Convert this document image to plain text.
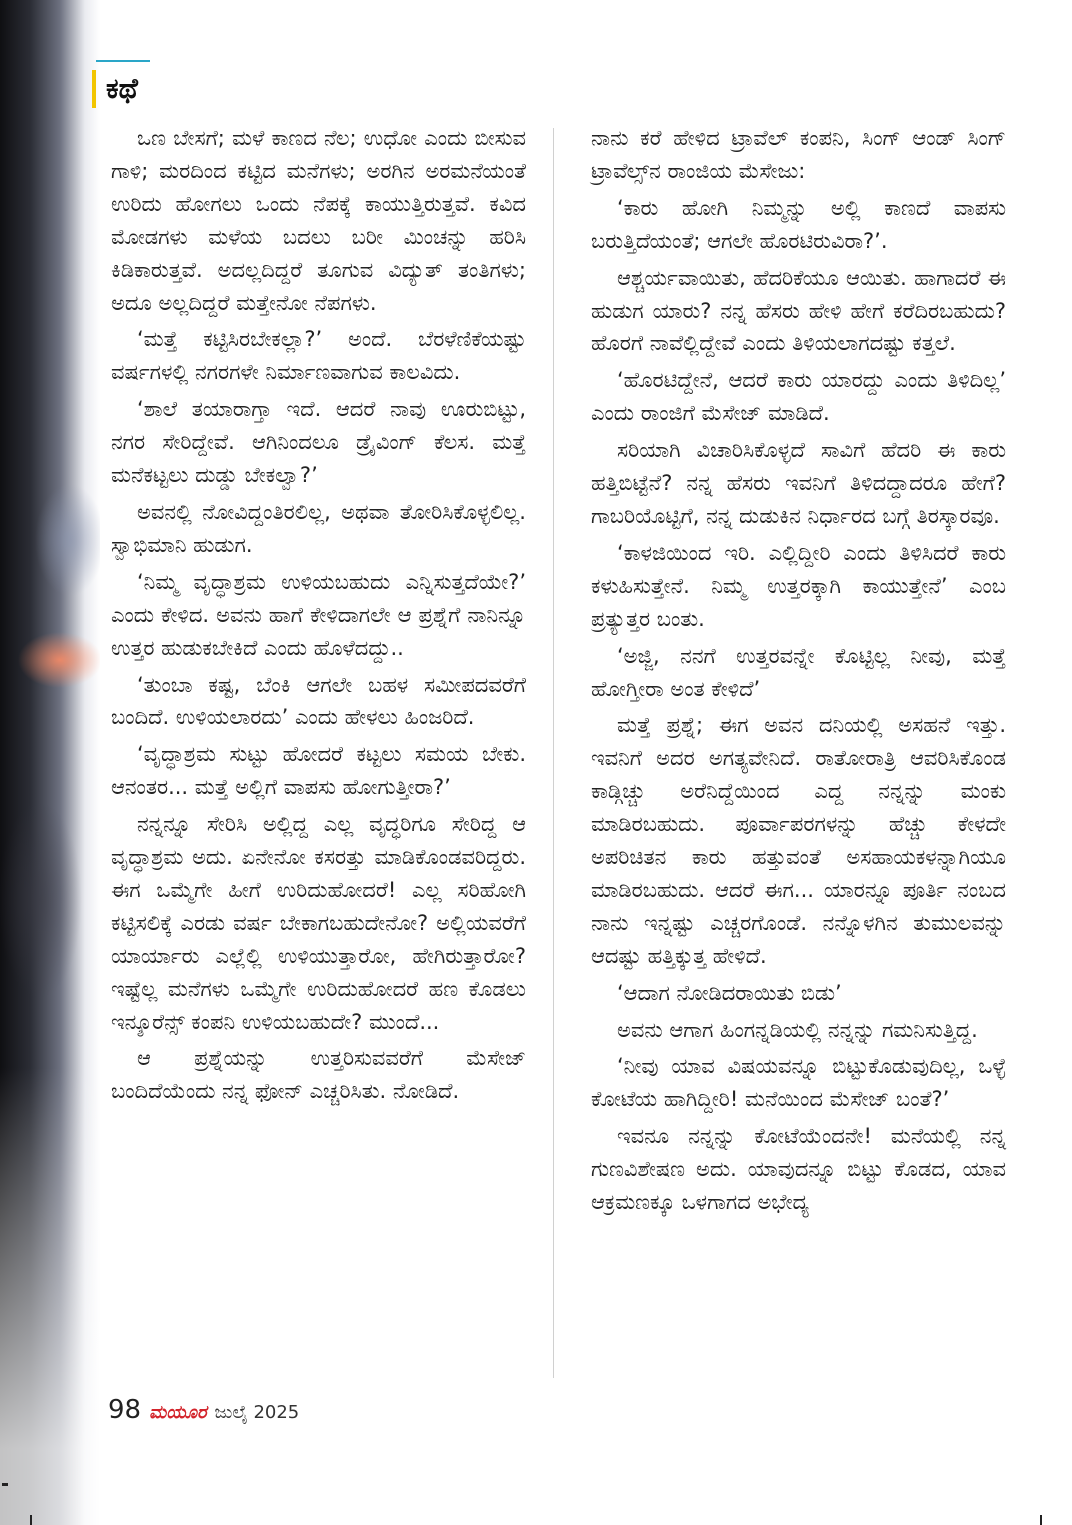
ಕಥೆ

ಒಣ ಬೇಸಗೆ; ಮಳೆ ಕಾಣದ ನೆಲ; ಉಧೋ ಎಂದು ಬೀಸುವ ಗಾಳಿ; ಮರದಿಂದ ಕಟ್ಟಿದ ಮನೆಗಳು; ಅರಗಿನ ಅರಮನೆಯಂತೆ ಉರಿದು ಹೋಗಲು ಒಂದು ನೆಪಕ್ಕೆ ಕಾಯುತ್ತಿರುತ್ತವೆ. ಕವಿದ ಮೋಡಗಳು ಮಳೆಯ ಬದಲು ಬರೀ ಮಿಂಚನ್ನು ಹರಿಸಿ ಕಿಡಿಕಾರುತ್ತವೆ. ಅದಲ್ಲದಿದ್ದರೆ ತೂಗುವ ವಿದ್ಯುತ್ ತಂತಿಗಳು; ಅದೂ ಅಲ್ಲದಿದ್ದರೆ ಮತ್ತೇನೋ ನೆಪಗಳು.

‘ಮತ್ತೆ ಕಟ್ಟಿಸಿರಬೇಕಲ್ಲಾ?’ ಅಂದೆ. ಬೆರಳೆಣಿಕೆಯಷ್ಟು ವರ್ಷಗಳಲ್ಲಿ ನಗರಗಳೇ ನಿರ್ಮಾಣವಾಗುವ ಕಾಲವಿದು.

‘ಶಾಲೆ ತಯಾರಾಗ್ತಾ ಇದೆ. ಆದರೆ ನಾವು ಊರುಬಿಟ್ಟು, ನಗರ ಸೇರಿದ್ದೇವೆ. ಆಗಿನಿಂದಲೂ ಡ್ರೈವಿಂಗ್ ಕೆಲಸ. ಮತ್ತೆ ಮನೆಕಟ್ಟಲು ದುಡ್ಡು ಬೇಕಲ್ವಾ?’

ಅವನಲ್ಲಿ ನೋವಿದ್ದಂತಿರಲಿಲ್ಲ, ಅಥವಾ ತೋರಿಸಿಕೊಳ್ಳಲಿಲ್ಲ. ಸ್ವಾಭಿಮಾನಿ ಹುಡುಗ.

‘ನಿಮ್ಮ ವೃದ್ಧಾಶ್ರಮ ಉಳಿಯಬಹುದು ಎನ್ನಿಸುತ್ತದೆಯೇ?’ ಎಂದು ಕೇಳಿದ. ಅವನು ಹಾಗೆ ಕೇಳಿದಾಗಲೇ ಆ ಪ್ರಶ್ನೆಗೆ ನಾನಿನ್ನೂ ಉತ್ತರ ಹುಡುಕಬೇಕಿದೆ ಎಂದು ಹೊಳೆದದ್ದು..

‘ತುಂಬಾ ಕಷ್ಟ, ಬೆಂಕಿ ಆಗಲೇ ಬಹಳ ಸಮೀಪದವರೆಗೆ ಬಂದಿದೆ. ಉಳಿಯಲಾರದು’ ಎಂದು ಹೇಳಲು ಹಿಂಜರಿದೆ.

‘ವೃದ್ಧಾಶ್ರಮ ಸುಟ್ಟು ಹೋದರೆ ಕಟ್ಟಲು ಸಮಯ ಬೇಕು. ಆನಂತರ... ಮತ್ತೆ ಅಲ್ಲಿಗೆ ವಾಪಸು ಹೋಗುತ್ತೀರಾ?’

ನನ್ನನ್ನೂ ಸೇರಿಸಿ ಅಲ್ಲಿದ್ದ ಎಲ್ಲ ವೃದ್ಧರಿಗೂ ಸೇರಿದ್ದ ಆ ವೃದ್ಧಾಶ್ರಮ ಅದು. ಏನೇನೋ ಕಸರತ್ತು ಮಾಡಿಕೊಂಡವರಿದ್ದರು. ಈಗ ಒಮ್ಮೆಗೇ ಹೀಗೆ ಉರಿದುಹೋದರೆ! ಎಲ್ಲ ಸರಿಹೋಗಿ ಕಟ್ಟಿಸಲಿಕ್ಕೆ ಎರಡು ವರ್ಷ ಬೇಕಾಗಬಹುದೇನೋ? ಅಲ್ಲಿಯವರೆಗೆ ಯಾರ್ಯಾರು ಎಲ್ಲೆಲ್ಲಿ ಉಳಿಯುತ್ತಾರೋ, ಹೇಗಿರುತ್ತಾರೋ? ಇಷ್ಟೆಲ್ಲ ಮನೆಗಳು ಒಮ್ಮೆಗೇ ಉರಿದುಹೋದರೆ ಹಣ ಕೊಡಲು ಇನ್ಶೂರೆನ್ಸ್ ಕಂಪನಿ ಉಳಿಯಬಹುದೇ? ಮುಂದೆ...

ಆ ಪ್ರಶ್ನೆಯನ್ನು ಉತ್ತರಿಸುವವರೆಗೆ ಮೆಸೇಜ್ ಬಂದಿದೆಯೆಂದು ನನ್ನ ಫೋನ್ ಎಚ್ಚರಿಸಿತು. ನೋಡಿದೆ.

ನಾನು ಕರೆ ಹೇಳಿದ ಟ್ರಾವೆಲ್ ಕಂಪನಿ, ಸಿಂಗ್ ಆಂಡ್ ಸಿಂಗ್ ಟ್ರಾವೆಲ್ಸ್‌ನ ರಾಂಜಿಯ ಮೆಸೇಜು:

‘ಕಾರು ಹೋಗಿ ನಿಮ್ಮನ್ನು ಅಲ್ಲಿ ಕಾಣದೆ ವಾಪಸು ಬರುತ್ತಿದೆಯಂತೆ; ಆಗಲೇ ಹೊರಟಿರುವಿರಾ?’.

ಆಶ್ಚರ್ಯವಾಯಿತು, ಹೆದರಿಕೆಯೂ ಆಯಿತು. ಹಾಗಾದರೆ ಈ ಹುಡುಗ ಯಾರು? ನನ್ನ ಹೆಸರು ಹೇಳಿ ಹೇಗೆ ಕರೆದಿರಬಹುದು? ಹೊರಗೆ ನಾವೆಲ್ಲಿದ್ದೇವೆ ಎಂದು ತಿಳಿಯಲಾಗದಷ್ಟು ಕತ್ತಲೆ.

‘ಹೊರಟಿದ್ದೇನೆ, ಆದರೆ ಕಾರು ಯಾರದ್ದು ಎಂದು ತಿಳಿದಿಲ್ಲ’ ಎಂದು ರಾಂಜಿಗೆ ಮೆಸೇಜ್ ಮಾಡಿದೆ.

ಸರಿಯಾಗಿ ವಿಚಾರಿಸಿಕೊಳ್ಳದೆ ಸಾವಿಗೆ ಹೆದರಿ ಈ ಕಾರು ಹತ್ತಿಬಿಟ್ಟೆನೆ? ನನ್ನ ಹೆಸರು ಇವನಿಗೆ ತಿಳಿದದ್ದಾದರೂ ಹೇಗೆ? ಗಾಬರಿಯೊಟ್ಟಿಗೆ, ನನ್ನ ದುಡುಕಿನ ನಿರ್ಧಾರದ ಬಗ್ಗೆ ತಿರಸ್ಕಾರವೂ.

‘ಕಾಳಜಿಯಿಂದ ಇರಿ. ಎಲ್ಲಿದ್ದೀರಿ ಎಂದು ತಿಳಿಸಿದರೆ ಕಾರು ಕಳುಹಿಸುತ್ತೇನೆ. ನಿಮ್ಮ ಉತ್ತರಕ್ಕಾಗಿ ಕಾಯುತ್ತೇನೆ’ ಎಂಬ ಪ್ರತ್ಯುತ್ತರ ಬಂತು.

‘ಅಜ್ಜಿ, ನನಗೆ ಉತ್ತರವನ್ನೇ ಕೊಟ್ಟಿಲ್ಲ ನೀವು, ಮತ್ತೆ ಹೋಗ್ತೀರಾ ಅಂತ ಕೇಳಿದೆ’

ಮತ್ತೆ ಪ್ರಶ್ನೆ; ಈಗ ಅವನ ದನಿಯಲ್ಲಿ ಅಸಹನೆ ಇತ್ತು. ಇವನಿಗೆ ಅದರ ಅಗತ್ಯವೇನಿದೆ. ರಾತೋರಾತ್ರಿ ಆವರಿಸಿಕೊಂಡ ಕಾಡ್ಗಿಚ್ಚು ಅರೆನಿದ್ದೆಯಿಂದ ಎದ್ದ ನನ್ನನ್ನು ಮಂಕು ಮಾಡಿರಬಹುದು. ಪೂರ್ವಾಪರಗಳನ್ನು ಹೆಚ್ಚು ಕೇಳದೇ ಅಪರಿಚಿತನ ಕಾರು ಹತ್ತುವಂತೆ ಅಸಹಾಯಕಳನ್ನಾಗಿಯೂ ಮಾಡಿರಬಹುದು. ಆದರೆ ಈಗ... ಯಾರನ್ನೂ ಪೂರ್ತಿ ನಂಬದ ನಾನು ಇನ್ನಷ್ಟು ಎಚ್ಚರಗೊಂಡೆ. ನನ್ನೊಳಗಿನ ತುಮುಲವನ್ನು ಆದಷ್ಟು ಹತ್ತಿಕ್ಕುತ್ತ ಹೇಳಿದೆ.

‘ಆದಾಗ ನೋಡಿದರಾಯಿತು ಬಿಡು’

ಅವನು ಆಗಾಗ ಹಿಂಗನ್ನಡಿಯಲ್ಲಿ ನನ್ನನ್ನು ಗಮನಿಸುತ್ತಿದ್ದ.

‘ನೀವು ಯಾವ ವಿಷಯವನ್ನೂ ಬಿಟ್ಟುಕೊಡುವುದಿಲ್ಲ, ಒಳ್ಳೆ ಕೋಟೆಯ ಹಾಗಿದ್ದೀರಿ! ಮನೆಯಿಂದ ಮೆಸೇಜ್ ಬಂತೆ?’

ಇವನೂ ನನ್ನನ್ನು ಕೋಟೆಯೆಂದನೇ! ಮನೆಯಲ್ಲಿ ನನ್ನ ಗುಣವಿಶೇಷಣ ಅದು. ಯಾವುದನ್ನೂ ಬಿಟ್ಟು ಕೊಡದ, ಯಾವ ಆಕ್ರಮಣಕ್ಕೂ ಒಳಗಾಗದ ಅಭೇದ್ಯ

98 ಮಯೂರ ಜುಲೈ 2025
